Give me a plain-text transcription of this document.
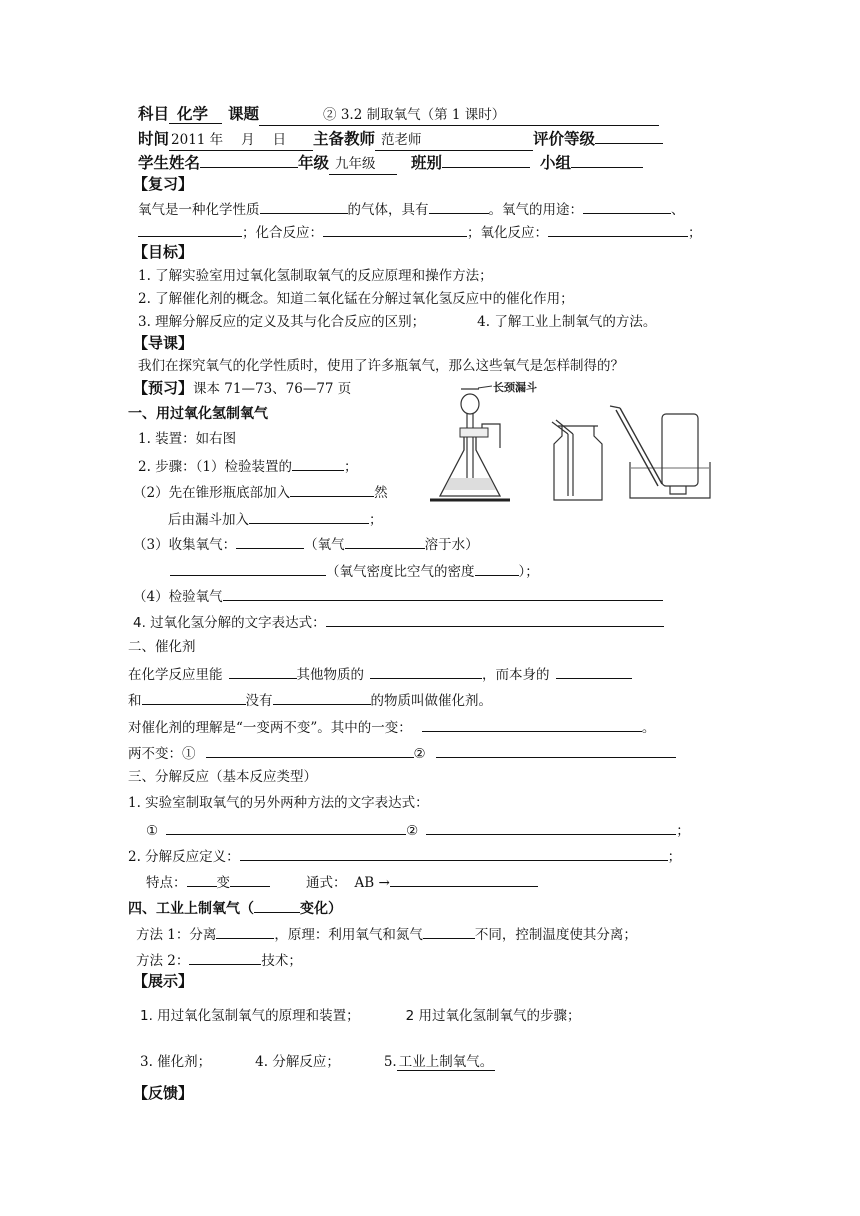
科目 化学 课题	② 3.2 制取氧气（第 1 课时）
时间 2011 年 月 日 主备教师 范老师	评价等级
学生姓名	年级 九年级 班别	小组
【复习】
氧气是一种化学性质	的气体，具有	。氧气的用途：	、
；化合反应：	；氧化反应：	；
【目标】
1. 了解实验室用过氧化氢制取氧气的反应原理和操作方法；
2. 了解催化剂的概念。知道二氧化锰在分解过氧化氢反应中的催化作用；
3. 理解分解反应的定义及其与化合反应的区别；	4. 了解工业上制氧气的方法。
【导课】
我们在探究氧气的化学性质时，使用了许多瓶氧气，那么这些氧气是怎样制得的？
【预习】课本 71—73、76—77 页	长颈漏斗
一、用过氧化氢制氧气
1. 装置：如右图
2. 步骤：（1）检验装置的	；
（2）先在锥形瓶底部加入	然
后由漏斗加入	；
（3）收集氧气：	（氧气	溶于水）
（氧气密度比空气的密度	）；
（4）检验氧气
4. 过氧化氢分解的文字表达式：
二、催化剂
在化学反应里能	其他物质的	，而本身的
和	没有	的物质叫做催化剂。
对催化剂的理解是“一变两不变”。其中的一变：	。
两不变：①	②
三、分解反应（基本反应类型）
1. 实验室制取氧气的另外两种方法的文字表达式：
①	②	；
2. 分解反应定义：	；
特点： 变	通式： AB →
四、工业上制氧气（	变化）
方法 1：分离	，原理：利用氧气和氮气	不同，控制温度使其分离；
方法 2：	技术；
【展示】
1. 用过氧化氢制氧气的原理和装置；	2 用过氧化氢制氧气的步骤；
3. 催化剂；	4. 分解反应；	5. 工业上制氧气。
【反馈】
